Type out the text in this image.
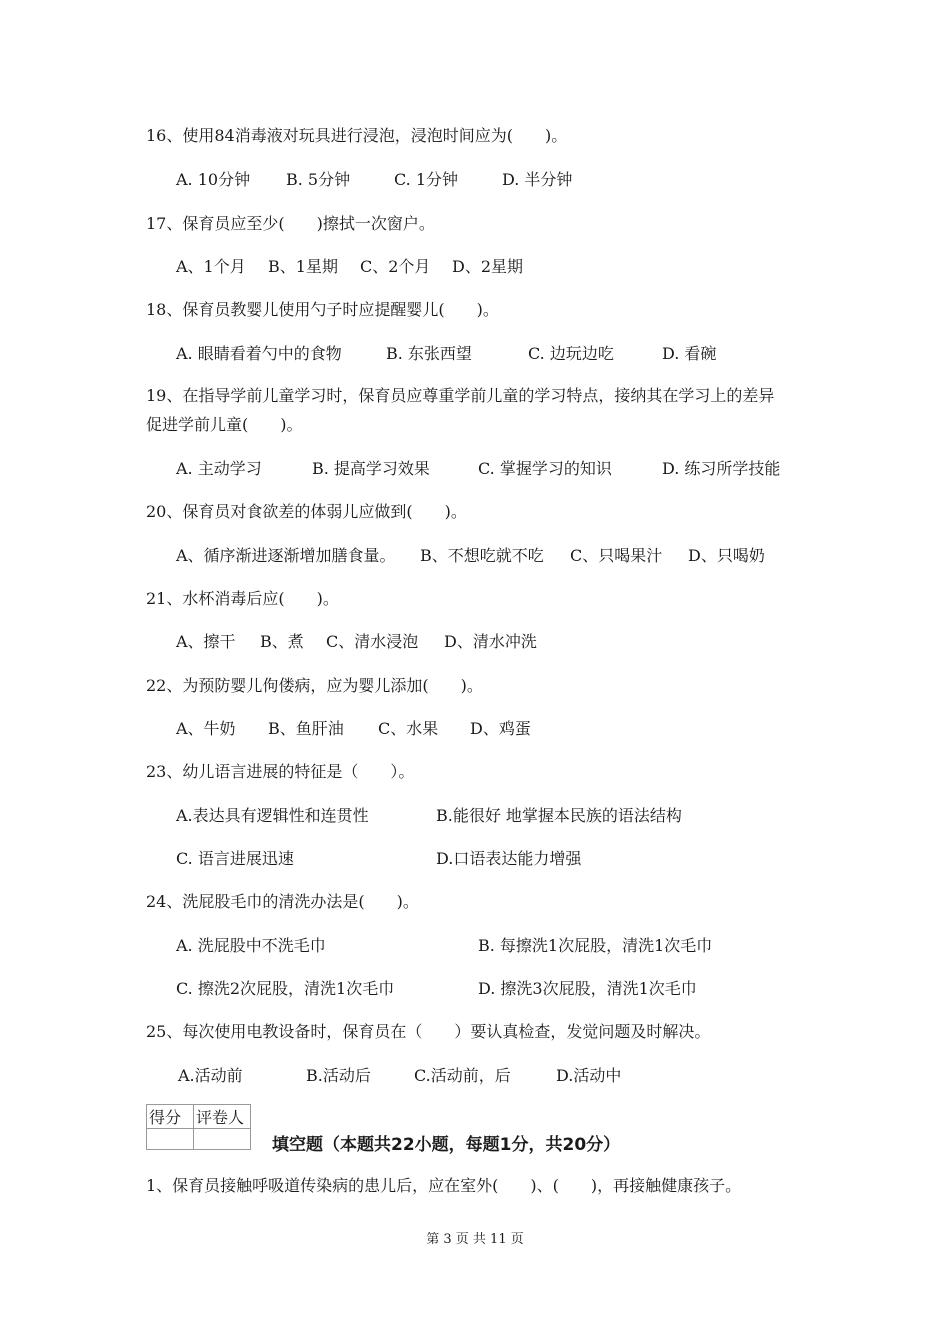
16、使用84消毒液对玩具进行浸泡，浸泡时间应为(　　)。
A. 10分钟 B. 5分钟	C. 1分钟	D. 半分钟
17、保育员应至少(　　)擦拭一次窗户。
A、1个月 B、1星期 C、2个月 D、2星期
18、保育员教婴儿使用勺子时应提醒婴儿(　　)。
A. 眼睛看着勺中的食物	B. 东张西望	C. 边玩边吃	D. 看碗
19、在指导学前儿童学习时，保育员应尊重学前儿童的学习特点，接纳其在学习上的差异
促进学前儿童(　　)。
A. 主动学习	B. 提高学习效果	C. 掌握学习的知识	D. 练习所学技能
20、保育员对食欲差的体弱儿应做到(　　)。
A、循序渐进逐渐增加膳食量。 B、不想吃就不吃 C、只喝果汁 D、只喝奶
21、水杯消毒后应(　　)。
A、擦干 B、煮 C、清水浸泡 D、清水冲洗
22、为预防婴儿佝偻病，应为婴儿添加(　　)。
A、牛奶 B、鱼肝油 C、水果 D、鸡蛋
23、幼儿语言进展的特征是（　　）。
A.表达具有逻辑性和连贯性	B.能很好 地掌握本民族的语法结构
C. 语言进展迅速	D.口语表达能力增强
24、洗屁股毛巾的清洗办法是(　　)。
A. 洗屁股中不洗毛巾	B. 每擦洗1次屁股，清洗1次毛巾
C. 擦洗2次屁股，清洗1次毛巾	D. 擦洗3次屁股，清洗1次毛巾
25、每次使用电教设备时，保育员在（　　）要认真检查，发觉问题及时解决。
A.活动前	B.活动后	C.活动前，后	D.活动中
得分	评卷人

填空题（本题共22小题，每题1分，共20分）
1、保育员接触呼吸道传染病的患儿后，应在室外(　　)、(　　)，再接触健康孩子。
第 3 页 共 11 页
